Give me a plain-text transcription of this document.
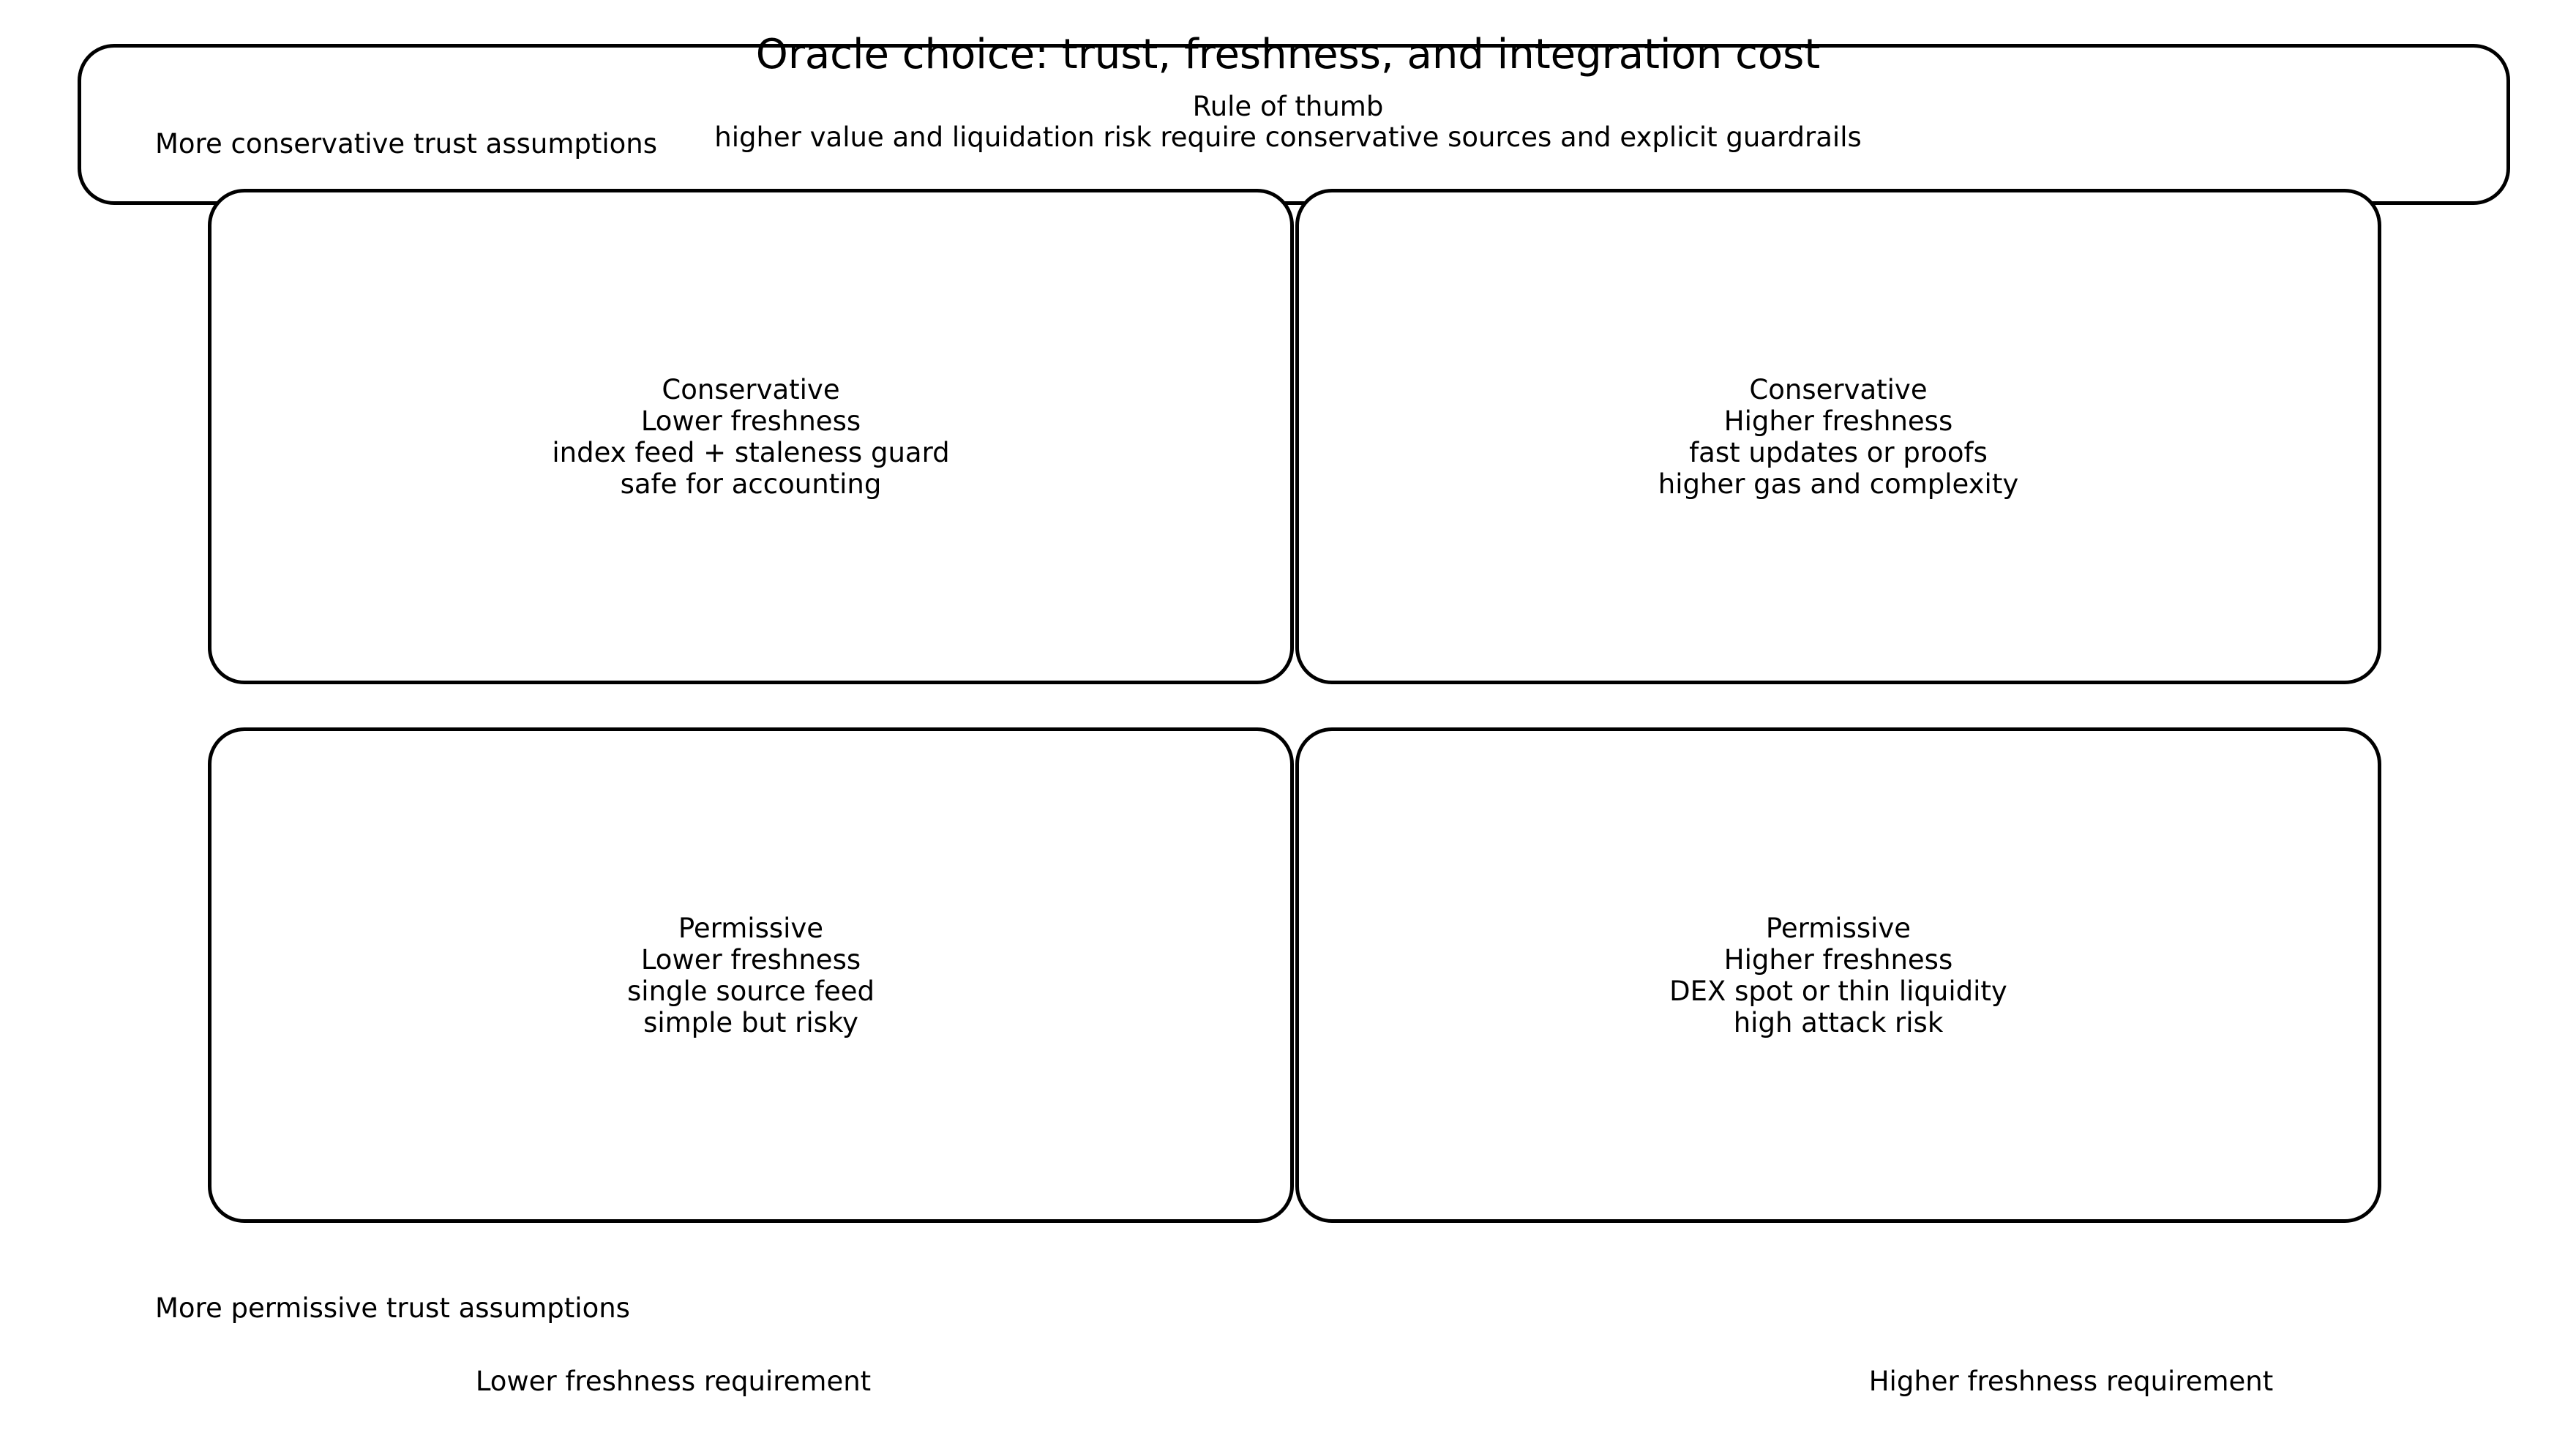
Oracle choice: trust, freshness, and integration cost
Rule of thumb
higher value and liquidation risk require conservative sources and explicit guardrails
More conservative trust assumptions
Conservative
Lower freshness
index feed + staleness guard
safe for accounting
Conservative
Higher freshness
fast updates or proofs
higher gas and complexity
Permissive
Lower freshness
single source feed
simple but risky
Permissive
Higher freshness
DEX spot or thin liquidity
high attack risk
More permissive trust assumptions
Lower freshness requirement	Higher freshness requirement
